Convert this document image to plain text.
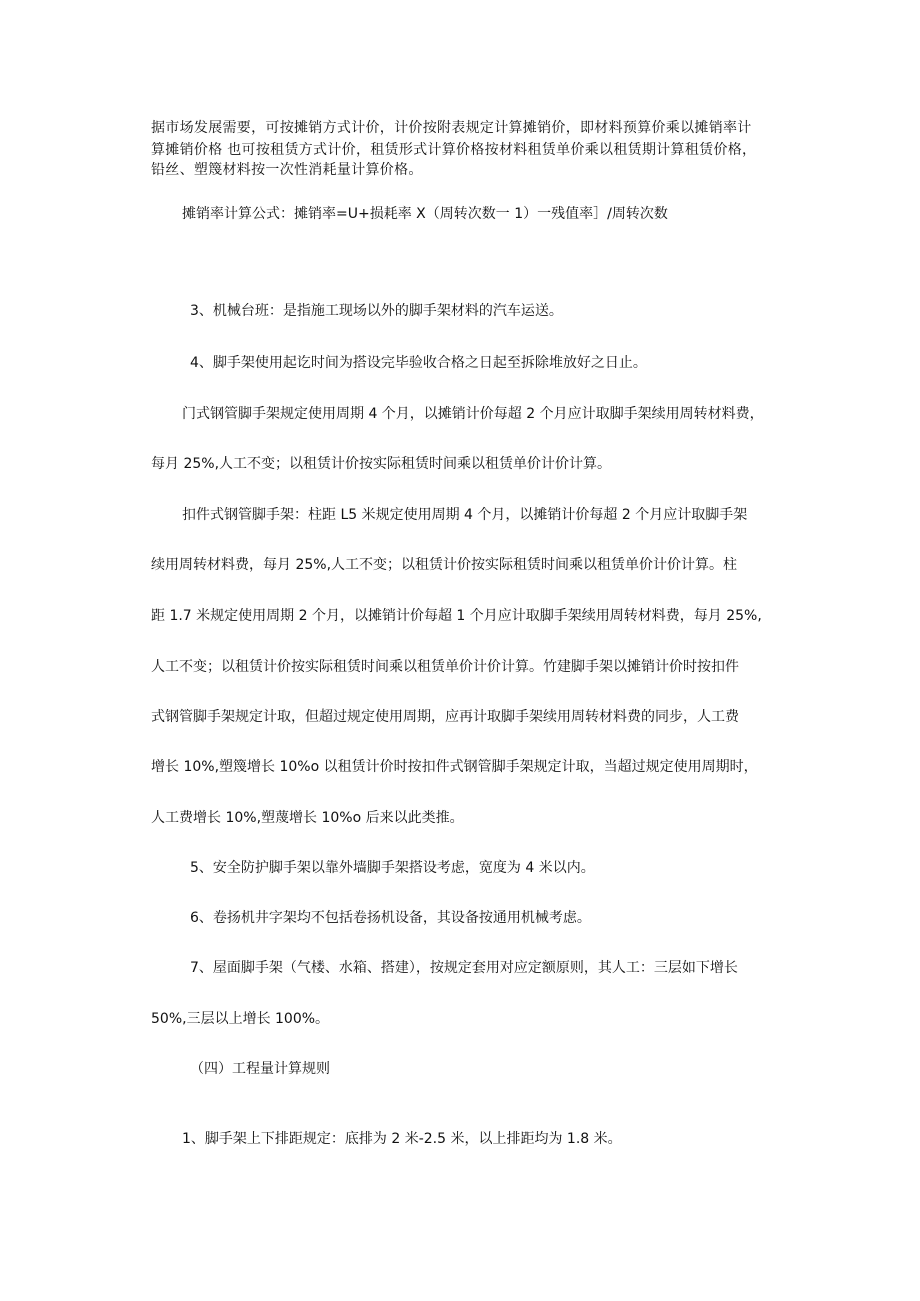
据市场发展需要，可按摊销方式计价，计价按附表规定计算摊销价，即材料预算价乘以摊销率计
算摊销价格 也可按租赁方式计价，租赁形式计算价格按材料租赁单价乘以租赁期计算租赁价格，
铅丝、塑篾材料按一次性消耗量计算价格。
摊销率计算公式：摊销率=U+损耗率 X（周转次数一 1）一残值率］/周转次数
3、机械台班：是指施工现场以外的脚手架材料的汽车运送。
4、脚手架使用起讫时间为搭设完毕验收合格之日起至拆除堆放好之日止。
门式钢管脚手架规定使用周期 4 个月，以摊销计价每超 2 个月应计取脚手架续用周转材料费，
每月 25%,人工不变；以租赁计价按实际租赁时间乘以租赁单价计价计算。
扣件式钢管脚手架：柱距 L5 米规定使用周期 4 个月，以摊销计价每超 2 个月应计取脚手架
续用周转材料费，每月 25%,人工不变；以租赁计价按实际租赁时间乘以租赁单价计价计算。柱
距 1.7 米规定使用周期 2 个月，以摊销计价每超 1 个月应计取脚手架续用周转材料费，每月 25%,
人工不变；以租赁计价按实际租赁时间乘以租赁单价计价计算。竹建脚手架以摊销计价时按扣件
式钢管脚手架规定计取，但超过规定使用周期，应再计取脚手架续用周转材料费的同步，人工费
增长 10%,塑篾增长 10%o 以租赁计价时按扣件式钢管脚手架规定计取，当超过规定使用周期时，
人工费增长 10%,塑蔑增长 10%o 后来以此类推。
5、安全防护脚手架以靠外墙脚手架搭设考虑，宽度为 4 米以内。
6、卷扬机井字架均不包括卷扬机设备，其设备按通用机械考虑。
7、屋面脚手架（气楼、水箱、搭建），按规定套用对应定额原则，其人工：三层如下增长
50%,三层以上增长 100%。
（四）工程量计算规则
1、脚手架上下排距规定：底排为 2 米-2.5 米，以上排距均为 1.8 米。
